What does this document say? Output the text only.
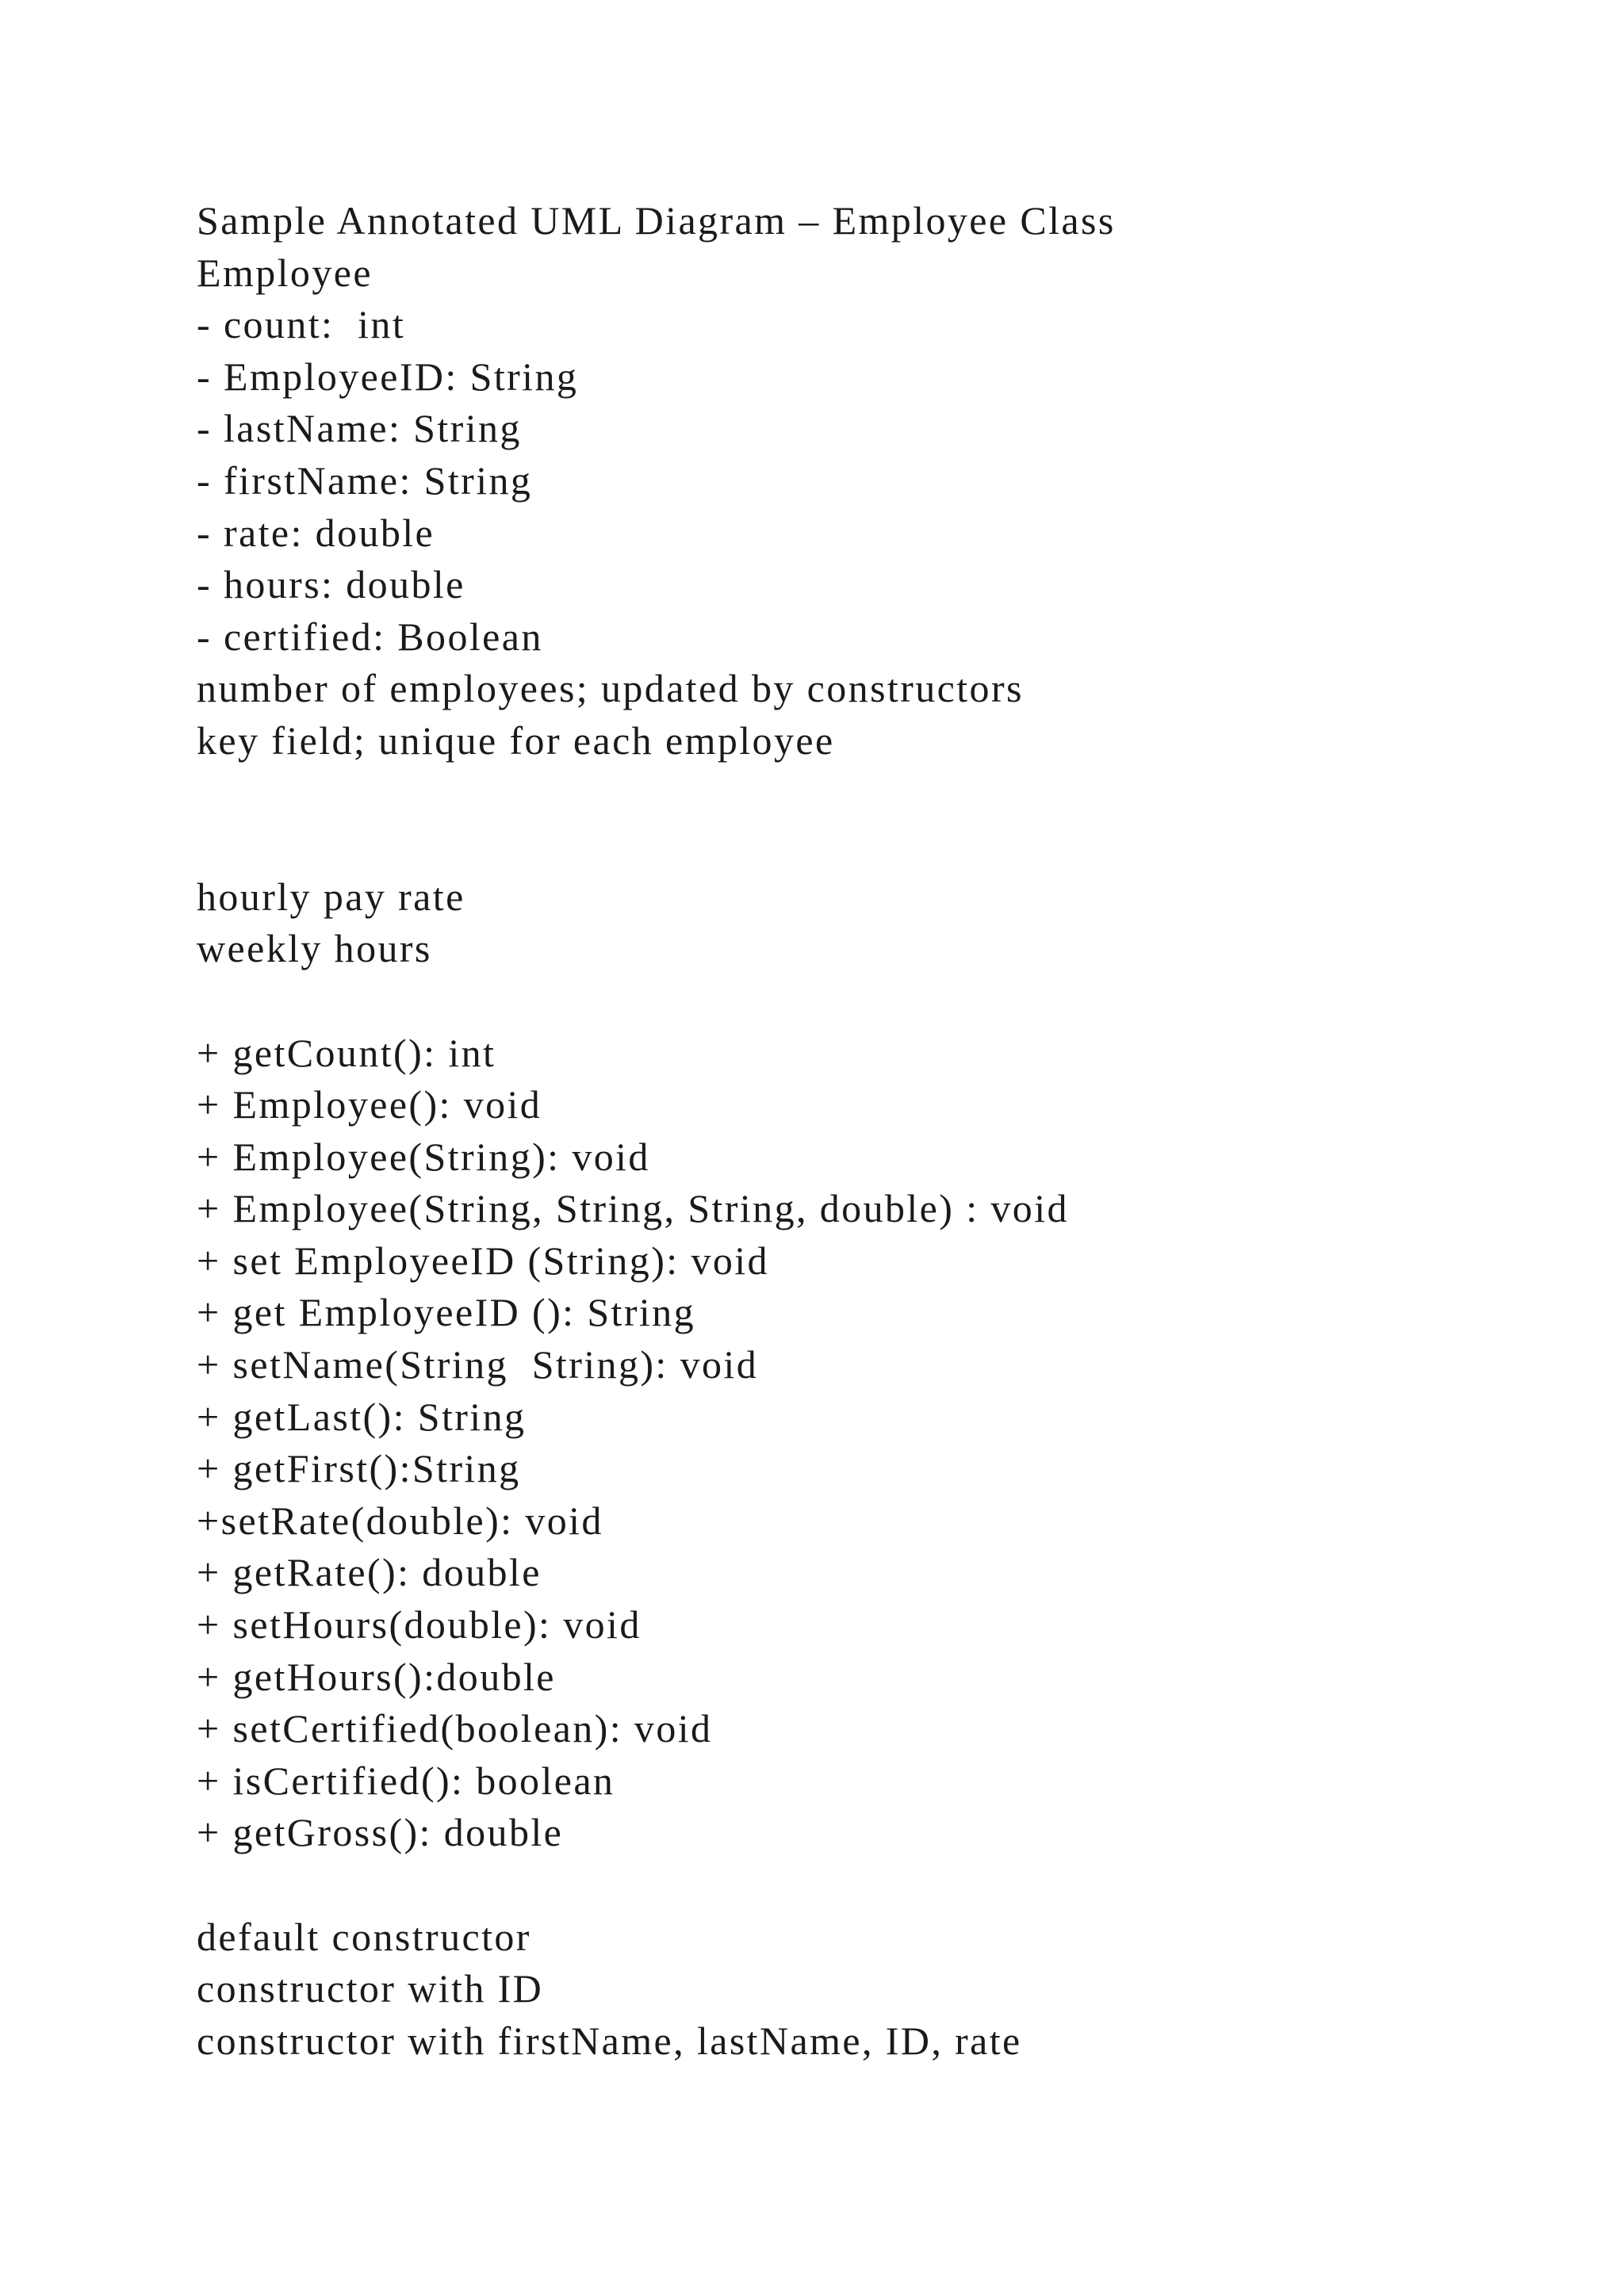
Sample Annotated UML Diagram – Employee Class
Employee
- count:  int
- EmployeeID: String
- lastName: String
- firstName: String
- rate: double
- hours: double
- certified: Boolean
number of employees; updated by constructors
key field; unique for each employee
hourly pay rate
weekly hours
+ getCount(): int
+ Employee(): void
+ Employee(String): void
+ Employee(String, String, String, double) : void
+ set EmployeeID (String): void
+ get EmployeeID (): String
+ setName(String  String): void
+ getLast(): String
+ getFirst():String
+setRate(double): void
+ getRate(): double
+ setHours(double): void
+ getHours():double
+ setCertified(boolean): void
+ isCertified(): boolean
+ getGross(): double
default constructor
constructor with ID
constructor with firstName, lastName, ID, rate
